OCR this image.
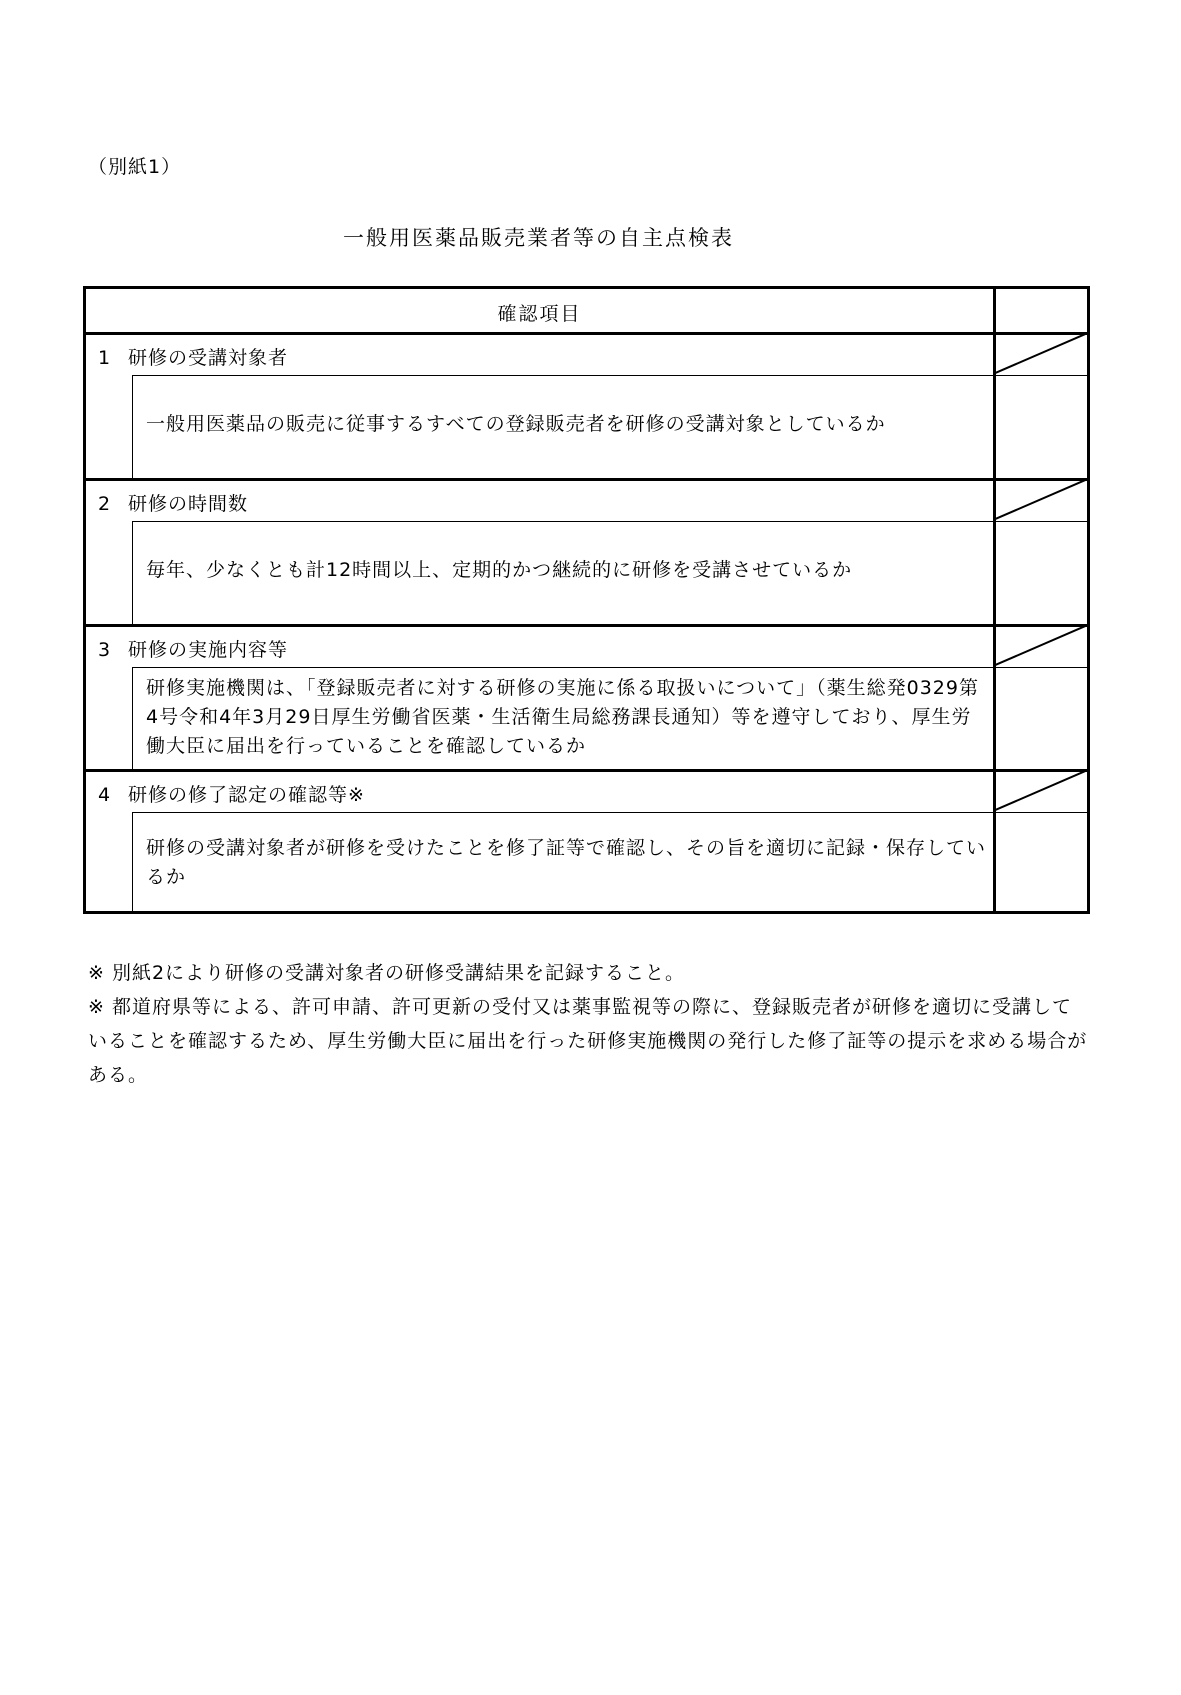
（別紙1）
一般用医薬品販売業者等の自主点検表
確認項目
1 研修の受講対象者
一般用医薬品の販売に従事するすべての登録販売者を研修の受講対象としているか
2 研修の時間数
毎年、少なくとも計12時間以上、定期的かつ継続的に研修を受講させているか
3 研修の実施内容等
研修実施機関は、「登録販売者に対する研修の実施に係る取扱いについて」（薬生総発0329第4号令和4年3月29日厚生労働省医薬・生活衛生局総務課長通知）等を遵守しており、厚生労働大臣に届出を行っていることを確認しているか
4 研修の修了認定の確認等※
研修の受講対象者が研修を受けたことを修了証等で確認し、その旨を適切に記録・保存しているか

※ 別紙2により研修の受講対象者の研修受講結果を記録すること。

※ 都道府県等による、許可申請、許可更新の受付又は薬事監視等の際に、登録販売者が研修を適切に受講していることを確認するため、厚生労働大臣に届出を行った研修実施機関の発行した修了証等の提示を求める場合がある。
